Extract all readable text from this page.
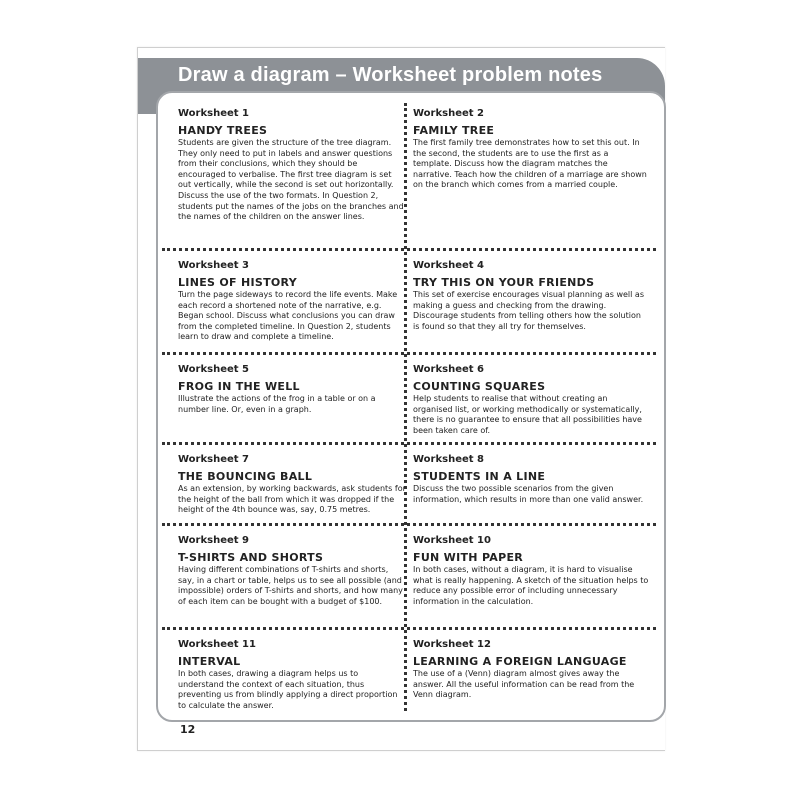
Draw a diagram – Worksheet problem notes
Worksheet 1
HANDY TREES

Students are given the structure of the tree diagram. They only need to put in labels and answer questions from their conclusions, which they should be encouraged to verbalise. The first tree diagram is set out vertically, while the second is set out horizontally. Discuss the use of the two formats. In Question 2, students put the names of the jobs on the branches and the names of the children on the answer lines.

Worksheet 2
FAMILY TREE

The first family tree demonstrates how to set this out. In the second, the students are to use the first as a template. Discuss how the diagram matches the narrative. Teach how the children of a marriage are shown on the branch which comes from a married couple.

Worksheet 3
LINES OF HISTORY

Turn the page sideways to record the life events. Make each record a shortened note of the narrative, e.g. Began school. Discuss what conclusions you can draw from the completed timeline. In Question 2, students learn to draw and complete a timeline.

Worksheet 4
TRY THIS ON YOUR FRIENDS

This set of exercise encourages visual planning as well as making a guess and checking from the drawing. Discourage students from telling others how the solution is found so that they all try for themselves.

Worksheet 5
FROG IN THE WELL

Illustrate the actions of the frog in a table or on a number line. Or, even in a graph.

Worksheet 6
COUNTING SQUARES

Help students to realise that without creating an organised list, or working methodically or systematically, there is no guarantee to ensure that all possibilities have been taken care of.

Worksheet 7
THE BOUNCING BALL

As an extension, by working backwards, ask students for the height of the ball from which it was dropped if the height of the 4th bounce was, say, 0.75 metres.

Worksheet 8
STUDENTS IN A LINE

Discuss the two possible scenarios from the given information, which results in more than one valid answer.

Worksheet 9
T-SHIRTS AND SHORTS

Having different combinations of T-shirts and shorts, say, in a chart or table, helps us to see all possible (and impossible) orders of T-shirts and shorts, and how many of each item can be bought with a budget of $100.

Worksheet 10
FUN WITH PAPER

In both cases, without a diagram, it is hard to visualise what is really happening. A sketch of the situation helps to reduce any possible error of including unnecessary information in the calculation.

Worksheet 11
INTERVAL

In both cases, drawing a diagram helps us to understand the context of each situation, thus preventing us from blindly applying a direct proportion to calculate the answer.

Worksheet 12
LEARNING A FOREIGN LANGUAGE

The use of a (Venn) diagram almost gives away the answer. All the useful information can be read from the Venn diagram.

12
